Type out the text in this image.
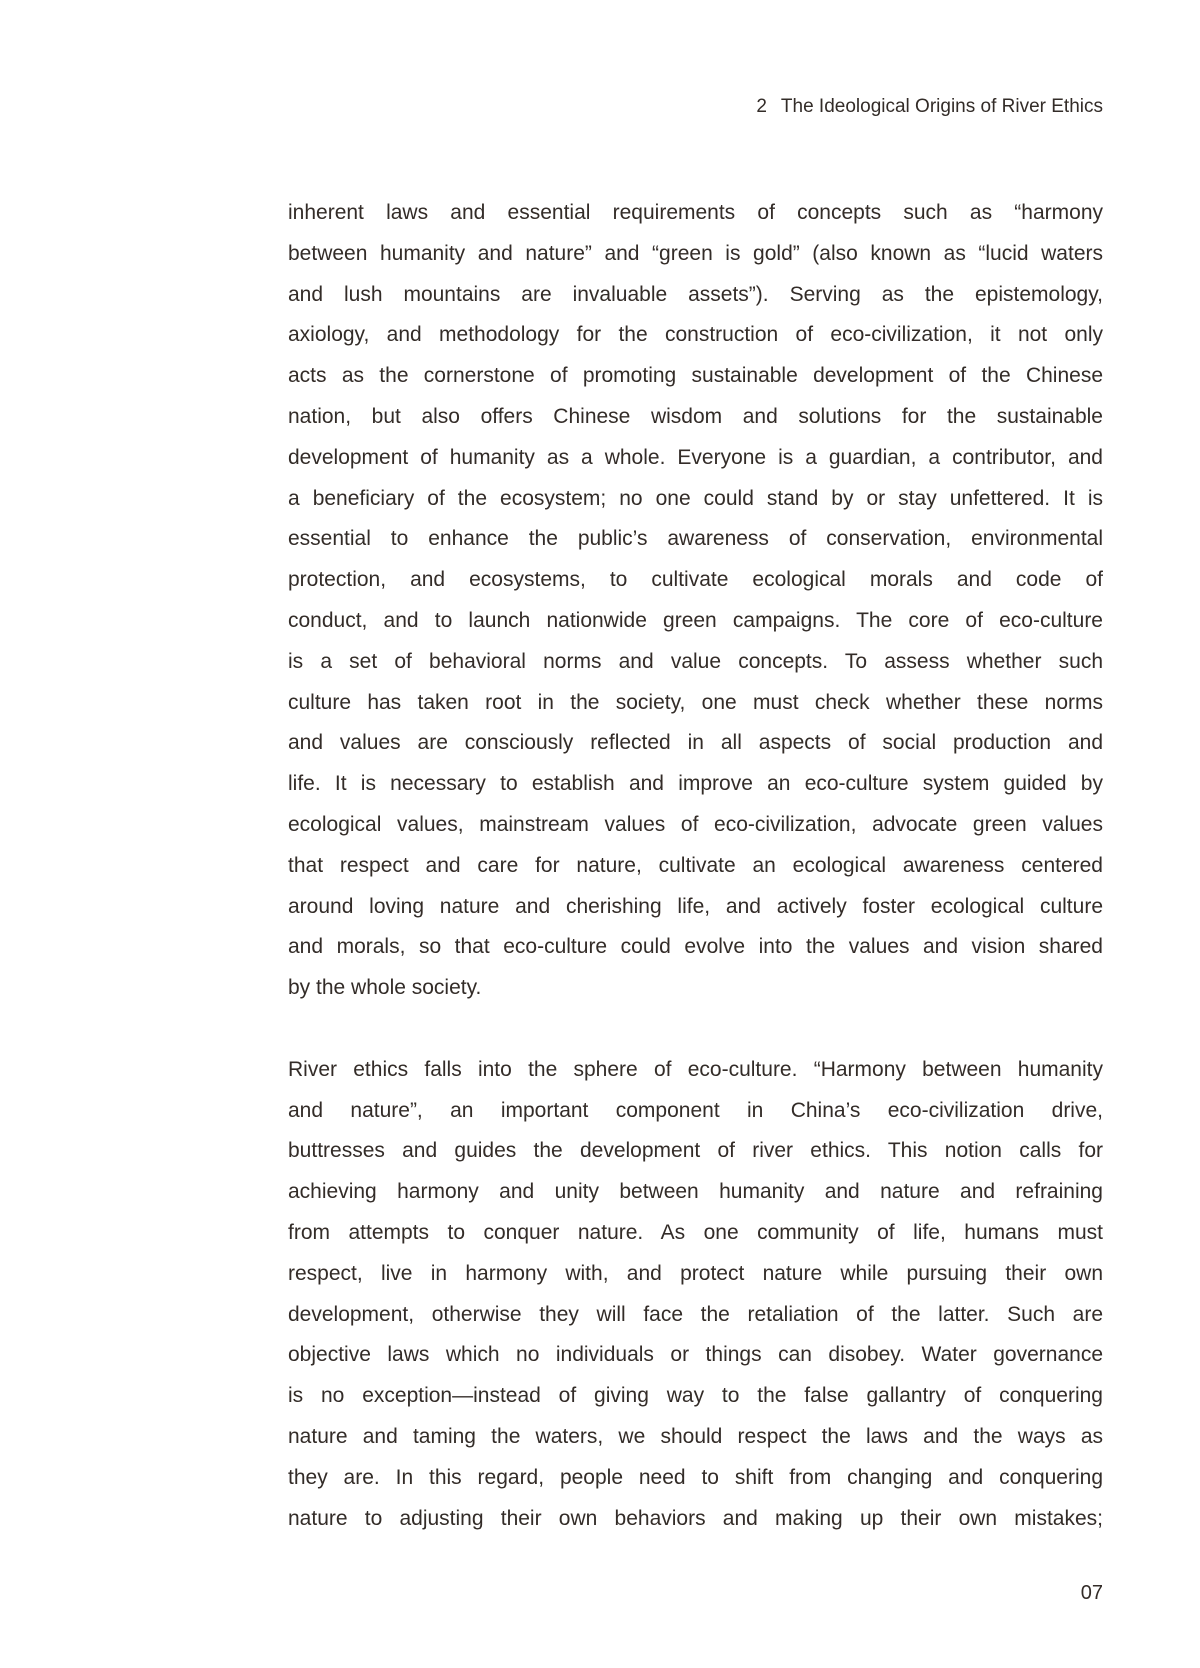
2 The Ideological Origins of River Ethics
inherent laws and essential requirements of concepts such as “harmony
between humanity and nature” and “green is gold” (also known as “lucid waters
and lush mountains are invaluable assets”). Serving as the epistemology,
axiology, and methodology for the construction of eco-civilization, it not only
acts as the cornerstone of promoting sustainable development of the Chinese
nation, but also offers Chinese wisdom and solutions for the sustainable
development of humanity as a whole. Everyone is a guardian, a contributor, and
a beneficiary of the ecosystem; no one could stand by or stay unfettered. It is
essential to enhance the public’s awareness of conservation, environmental
protection, and ecosystems, to cultivate ecological morals and code of
conduct, and to launch nationwide green campaigns. The core of eco-culture
is a set of behavioral norms and value concepts. To assess whether such
culture has taken root in the society, one must check whether these norms
and values are consciously reflected in all aspects of social production and
life. It is necessary to establish and improve an eco-culture system guided by
ecological values, mainstream values of eco-civilization, advocate green values
that respect and care for nature, cultivate an ecological awareness centered
around loving nature and cherishing life, and actively foster ecological culture
and morals, so that eco-culture could evolve into the values and vision shared
by the whole society.
River ethics falls into the sphere of eco-culture. “Harmony between humanity
and nature”, an important component in China’s eco-civilization drive,
buttresses and guides the development of river ethics. This notion calls for
achieving harmony and unity between humanity and nature and refraining
from attempts to conquer nature. As one community of life, humans must
respect, live in harmony with, and protect nature while pursuing their own
development, otherwise they will face the retaliation of the latter. Such are
objective laws which no individuals or things can disobey. Water governance
is no exception—instead of giving way to the false gallantry of conquering
nature and taming the waters, we should respect the laws and the ways as
they are. In this regard, people need to shift from changing and conquering
nature to adjusting their own behaviors and making up their own mistakes;
07
